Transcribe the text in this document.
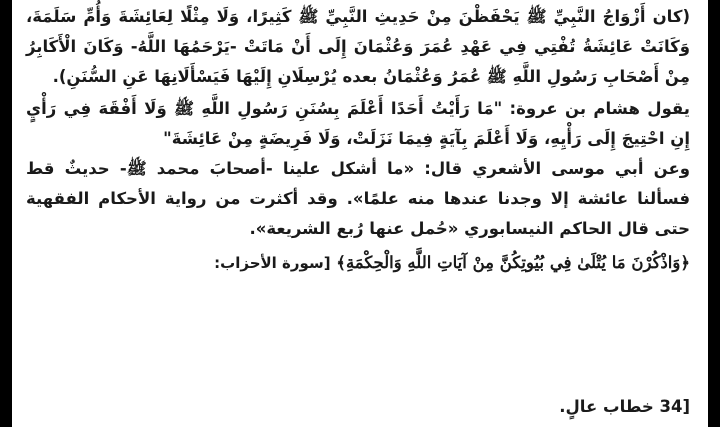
(كان أَزْوَاجُ النَّبِيِّ ﷺ يَحْفَظْنَ مِنْ حَدِيثِ النَّبِيِّ ﷺ كَثِيرًا، وَلَا مِثْلًا لِعَائِشَةَ وَأُمِّ سَلَمَةَ، وَكَانَتْ عَائِشَةُ تُفْتِي فِي عَهْدِ عُمَرَ وَعُثْمَانَ إِلَى أَنْ مَاتَتْ -يَرْحَمُهَا اللَّهُ- وَكَانَ الْأَكَابِرُ مِنْ أَصْحَابِ رَسُولِ اللَّهِ ﷺ عُمَرُ وَعُثْمَانُ بعده يُرْسِلَانِ إِلَيْهَا فَيَسْأَلَانِهَا عَنِ السُّنَنِ).

يقول هشام بن عروة: "مَا رَأَيْتُ أَحَدًا أَعْلَمَ بِسُنَنِ رَسُولِ اللَّهِ ﷺ وَلَا أَفْقَهَ فِي رَأْيٍ إِنِ احْتِيجَ إِلَى رَأْيِهِ، وَلَا أَعْلَمَ بِآيَةٍ فِيمَا نَزَلَتْ، وَلَا فَرِيضَةٍ مِنْ عَائِشَةَ"

وعن أبي موسى الأشعري قال: «ما أشكل علينا -أصحابَ محمد ﷺ- حديثٌ قط فسألنا عائشة إلا وجدنا عندها منه علمًا». وقد أكثرت من رواية الأحكام الفقهية حتى قال الحاكم النيسابوري «حُمل عنها رُبع الشريعة».

﴿وَاذْكُرْنَ مَا يُتْلَىٰ فِي بُيُوتِكُنَّ مِنْ آيَاتِ اللَّهِ وَالْحِكْمَةِ﴾ [سورة الأحزاب:

34] خطاب عالٍ.
